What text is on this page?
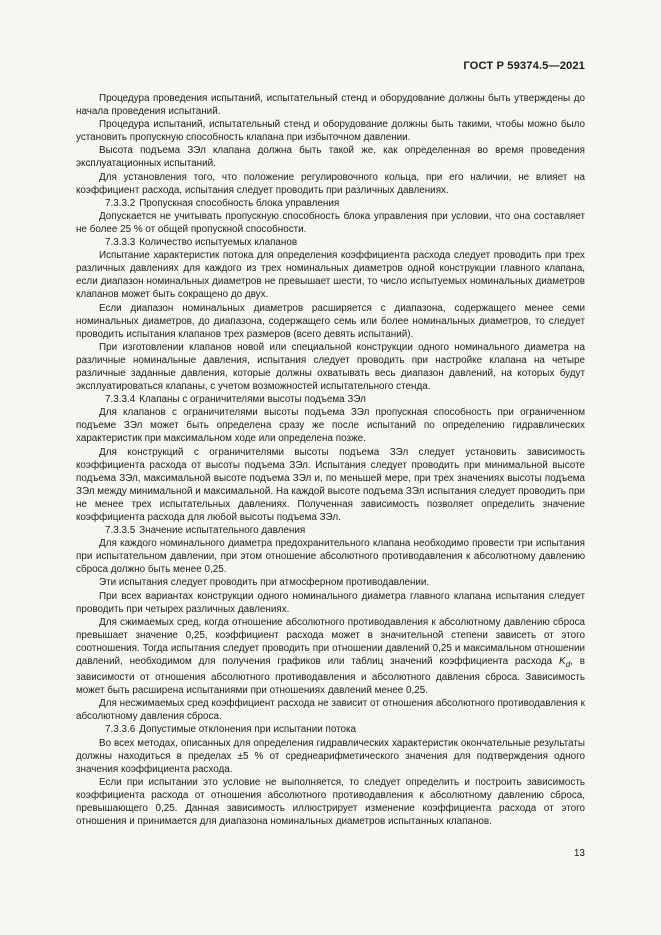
ГОСТ Р 59374.5—2021

Процедура проведения испытаний, испытательный стенд и оборудование должны быть утверждены до начала проведения испытаний.

Процедура испытаний, испытательный стенд и оборудование должны быть такими, чтобы можно было установить пропускную способность клапана при избыточном давлении.

Высота подъема ЗЭл клапана должна быть такой же, как определенная во время проведения эксплуатационных испытаний.

Для установления того, что положение регулировочного кольца, при его наличии, не влияет на коэффициент расхода, испытания следует проводить при различных давлениях.

7.3.3.2 Пропускная способность блока управления

Допускается не учитывать пропускную способность блока управления при условии, что она составляет не более 25 % от общей пропускной способности.

7.3.3.3 Количество испытуемых клапанов

Испытание характеристик потока для определения коэффициента расхода следует проводить при трех различных давлениях для каждого из трех номинальных диаметров одной конструкции главного клапана, если диапазон номинальных диаметров не превышает шести, то число испытуемых номинальных диаметров клапанов может быть сокращено до двух.

Если диапазон номинальных диаметров расширяется с диапазона, содержащего менее семи номинальных диаметров, до диапазона, содержащего семь или более номинальных диаметров, то следует проводить испытания клапанов трех размеров (всего девять испытаний).

При изготовлении клапанов новой или специальной конструкции одного номинального диаметра на различные номинальные давления, испытания следует проводить при настройке клапана на четыре различные заданные давления, которые должны охватывать весь диапазон давлений, на которых будут эксплуатироваться клапаны, с учетом возможностей испытательного стенда.

7.3.3.4 Клапаны с ограничителями высоты подъема ЗЭл

Для клапанов с ограничителями высоты подъема ЗЭл пропускная способность при ограниченном подъеме ЗЭл может быть определена сразу же после испытаний по определению гидравлических характеристик при максимальном ходе или определена позже.

Для конструкций с ограничителями высоты подъема ЗЭл следует установить зависимость коэффициента расхода от высоты подъема ЗЭл. Испытания следует проводить при минимальной высоте подъема ЗЭл, максимальной высоте подъема ЗЭл и, по меньшей мере, при трех значениях высоты подъема ЗЭл между минимальной и максимальной. На каждой высоте подъема ЗЭл испытания следует проводить при не менее трех испытательных давлениях. Полученная зависимость позволяет определить значение коэффициента расхода для любой высоты подъема ЗЭл.

7.3.3.5 Значение испытательного давления

Для каждого номинального диаметра предохранительного клапана необходимо провести три испытания при испытательном давлении, при этом отношение абсолютного противодавления к абсолютному давлению сброса должно быть менее 0,25.

Эти испытания следует проводить при атмосферном противодавлении.

При всех вариантах конструкции одного номинального диаметра главного клапана испытания следует проводить при четырех различных давлениях.

Для сжимаемых сред, когда отношение абсолютного противодавления к абсолютному давлению сброса превышает значение 0,25, коэффициент расхода может в значительной степени зависеть от этого соотношения. Тогда испытания следует проводить при отношении давлений 0,25 и максимальном отношении давлений, необходимом для получения графиков или таблиц значений коэффициента расхода $K_d$, в зависимости от отношения абсолютного противодавления и абсолютного давления сброса. Зависимость может быть расширена испытаниями при отношениях давлений менее 0,25.

Для несжимаемых сред коэффициент расхода не зависит от отношения абсолютного противодавления к абсолютному давления сброса.

7.3.3.6 Допустимые отклонения при испытании потока

Во всех методах, описанных для определения гидравлических характеристик окончательные результаты должны находиться в пределах ±5 % от среднеарифметического значения для подтверждения одного значения коэффициента расхода.

Если при испытании это условие не выполняется, то следует определить и построить зависимость коэффициента расхода от отношения абсолютного противодавления к абсолютному давлению сброса, превышающего 0,25. Данная зависимость иллюстрирует изменение коэффициента расхода от этого отношения и принимается для диапазона номинальных диаметров испытанных клапанов.

13
